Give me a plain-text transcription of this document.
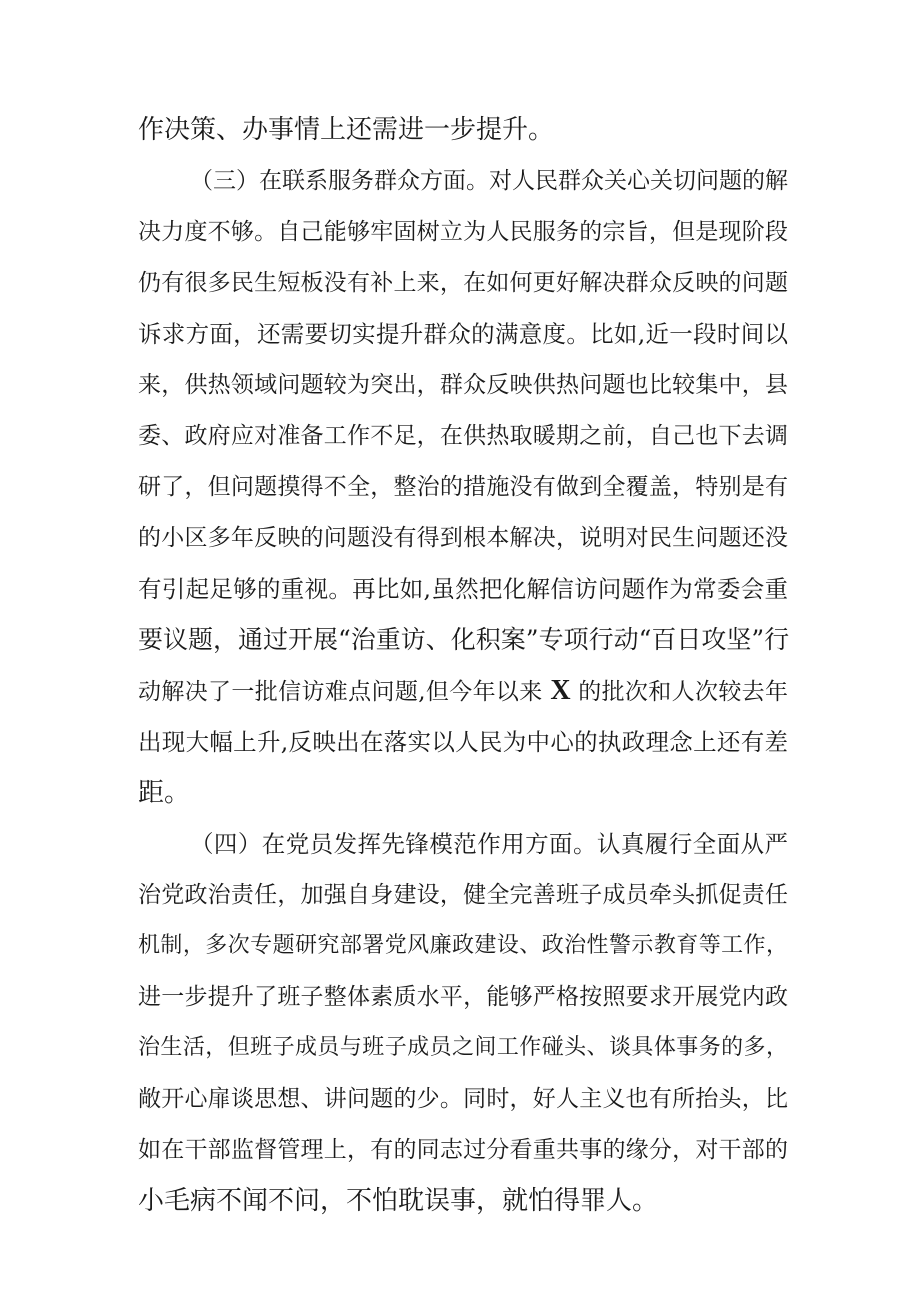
作决策、办事情上还需进一步提升。
（三）在联系服务群众方面。对人民群众关心关切问题的解
决力度不够。自己能够牢固树立为人民服务的宗旨，但是现阶段
仍有很多民生短板没有补上来，在如何更好解决群众反映的问题
诉求方面，还需要切实提升群众的满意度。比如,近一段时间以
来，供热领域问题较为突出，群众反映供热问题也比较集中，县
委、政府应对准备工作不足，在供热取暖期之前，自己也下去调
研了，但问题摸得不全，整治的措施没有做到全覆盖，特别是有
的小区多年反映的问题没有得到根本解决，说明对民生问题还没
有引起足够的重视。再比如,虽然把化解信访问题作为常委会重
要议题，通过开展“治重访、化积案”专项行动“百日攻坚”行
动解决了一批信访难点问题,但今年以来 X 的批次和人次较去年
出现大幅上升,反映出在落实以人民为中心的执政理念上还有差
距。
（四）在党员发挥先锋模范作用方面。认真履行全面从严
治党政治责任，加强自身建设，健全完善班子成员牵头抓促责任
机制，多次专题研究部署党风廉政建设、政治性警示教育等工作，
进一步提升了班子整体素质水平，能够严格按照要求开展党内政
治生活，但班子成员与班子成员之间工作碰头、谈具体事务的多，
敞开心扉谈思想、讲问题的少。同时，好人主义也有所抬头，比
如在干部监督管理上，有的同志过分看重共事的缘分，对干部的
小毛病不闻不问，不怕耽误事，就怕得罪人。
